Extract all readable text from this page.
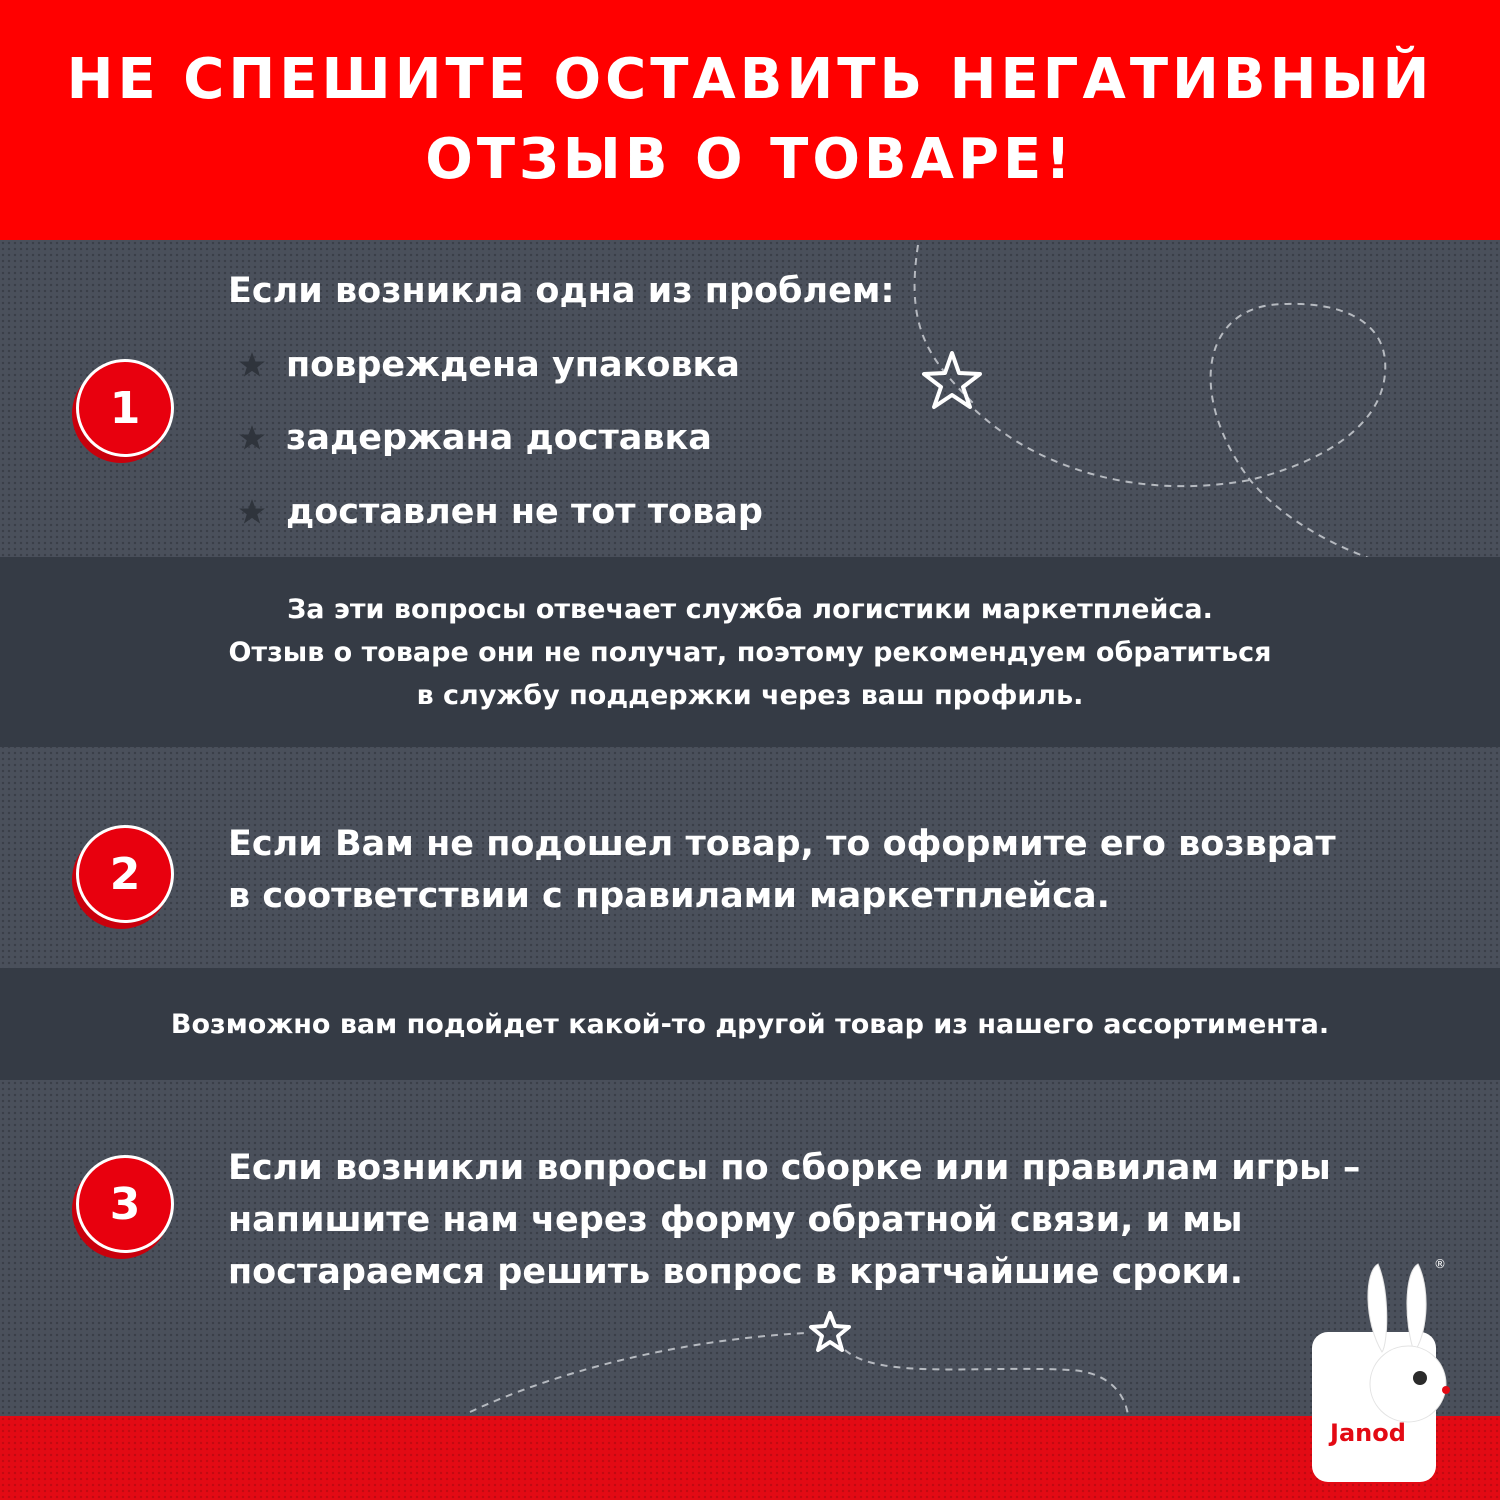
НЕ СПЕШИТЕ ОСТАВИТЬ НЕГАТИВНЫЙ
ОТЗЫВ О ТОВАРЕ!
1
Если возникла одна из проблем:
повреждена упаковка
задержана доставка
доставлен не тот товар
За эти вопросы отвечает служба логистики маркетплейса.
Отзыв о товаре они не получат, поэтому рекомендуем обратиться
в службу поддержки через ваш профиль.
2
Если Вам не подошел товар, то оформите его возврат
в соответствии с правилами маркетплейса.
Возможно вам подойдет какой-то другой товар из нашего ассортимента.
3
Если возникли вопросы по сборке или правилам игры –
напишите нам через форму обратной связи, и мы
постараемся решить вопрос в кратчайшие сроки.	®
Janod
